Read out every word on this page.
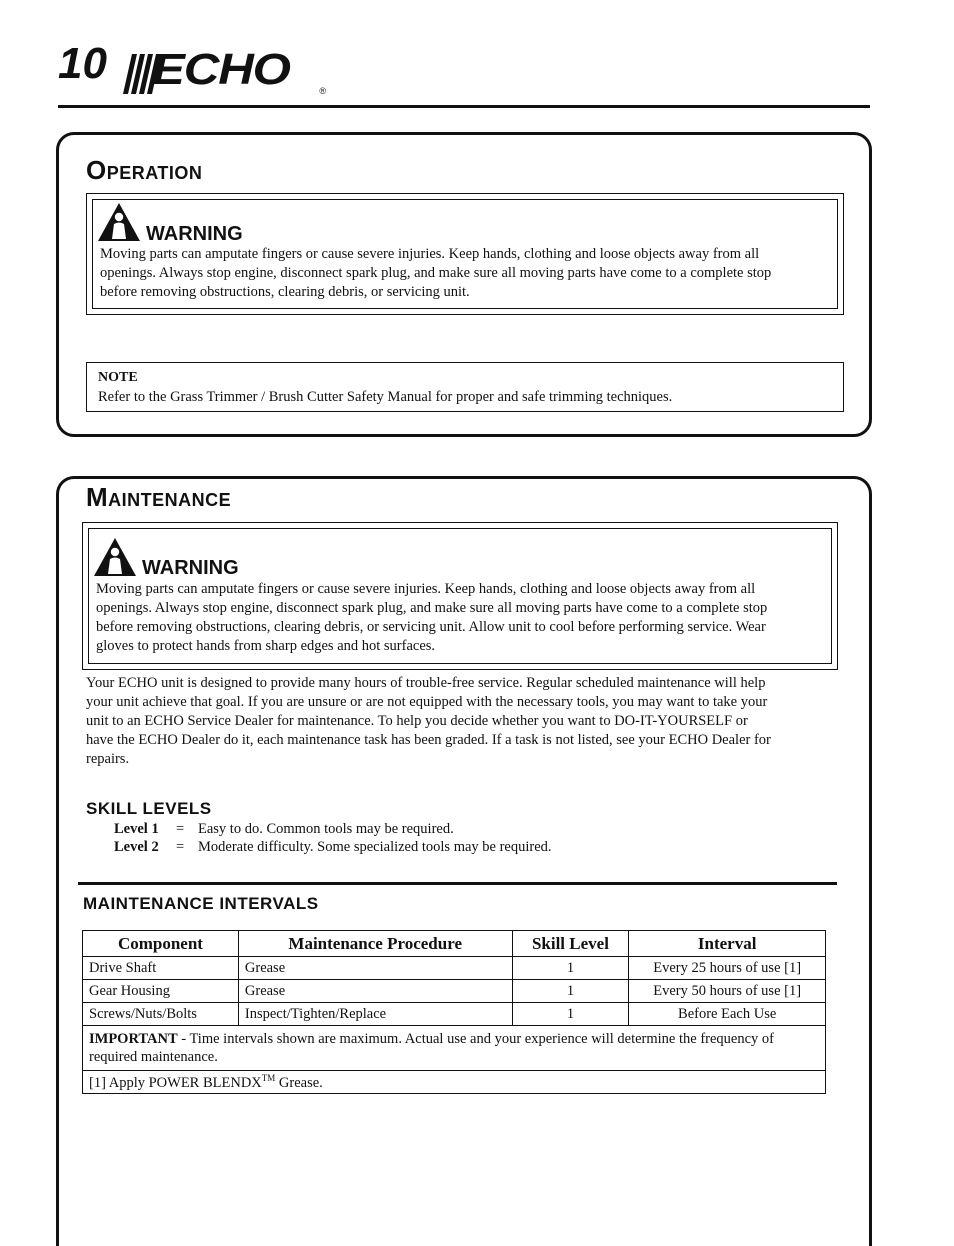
10 ECHO	®
Operation
WARNING
Moving parts can amputate fingers or cause severe injuries. Keep hands, clothing and loose objects away from all
openings. Always stop engine, disconnect spark plug, and make sure all moving parts have come to a complete stop
before removing obstructions, clearing debris, or servicing unit.
NOTE
Refer to the Grass Trimmer / Brush Cutter Safety Manual for proper and safe trimming techniques.
Maintenance
WARNING
Moving parts can amputate fingers or cause severe injuries. Keep hands, clothing and loose objects away from all
openings. Always stop engine, disconnect spark plug, and make sure all moving parts have come to a complete stop
before removing obstructions, clearing debris, or servicing unit. Allow unit to cool before performing service. Wear
gloves to protect hands from sharp edges and hot surfaces.
Your ECHO unit is designed to provide many hours of trouble-free service. Regular scheduled maintenance will help
your unit achieve that goal. If you are unsure or are not equipped with the necessary tools, you may want to take your
unit to an ECHO Service Dealer for maintenance. To help you decide whether you want to DO-IT-YOURSELF or
have the ECHO Dealer do it, each maintenance task has been graded. If a task is not listed, see your ECHO Dealer for
repairs.
SKILL LEVELS
Level 1 = Easy to do. Common tools may be required.
Level 2 = Moderate difficulty. Some specialized tools may be required.
MAINTENANCE INTERVALS
Component	Maintenance Procedure	Skill Level	Interval
Drive Shaft	Grease	1	Every 25 hours of use [1]
Gear Housing	Grease	1	Every 50 hours of use [1]
Screws/Nuts/Bolts	Inspect/Tighten/Replace	1	Before Each Use
IMPORTANT - Time intervals shown are maximum. Actual use and your experience will determine the frequency of required maintenance.			
[1] Apply POWER BLENDX™ Grease.			
